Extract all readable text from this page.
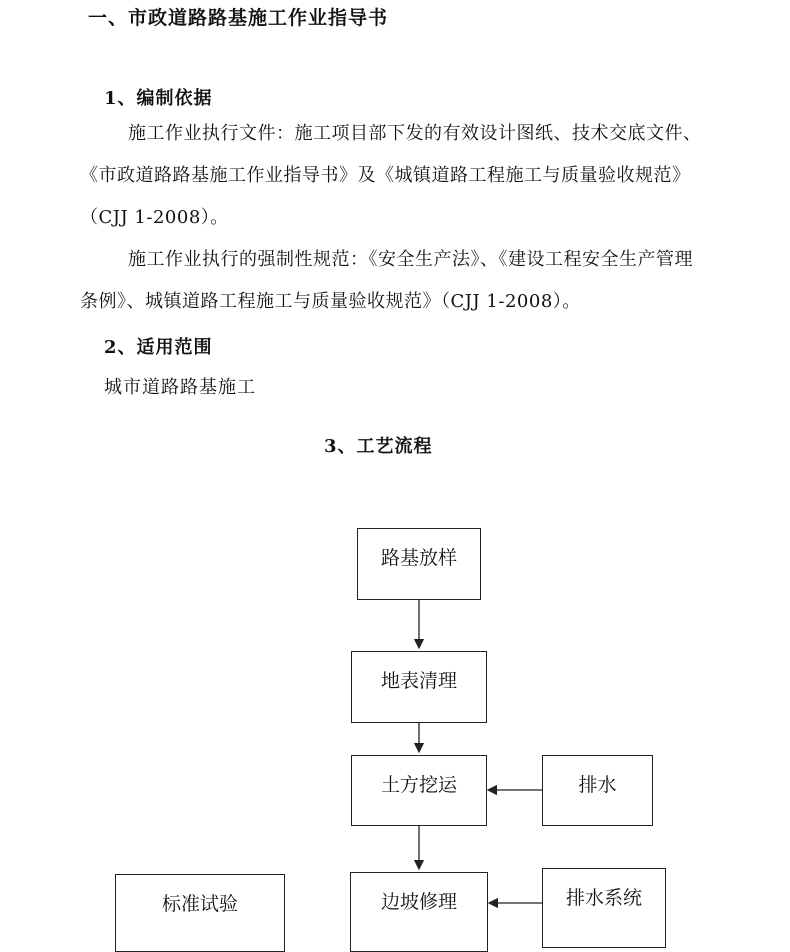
一、市政道路路基施工作业指导书
1、编制依据
施工作业执行文件：施工项目部下发的有效设计图纸、技术交底文件、《市政道路路基施工作业指导书》及《城镇道路工程施工与质量验收规范》（CJJ 1-2008）。
施工作业执行的强制性规范：《安全生产法》、《建设工程安全生产管理条例》、城镇道路工程施工与质量验收规范》（CJJ 1-2008）。
2、适用范围
城市道路路基施工
3、工艺流程
路基放样
地表清理
土方挖运	排水
边坡修理	排水系统
标准试验
